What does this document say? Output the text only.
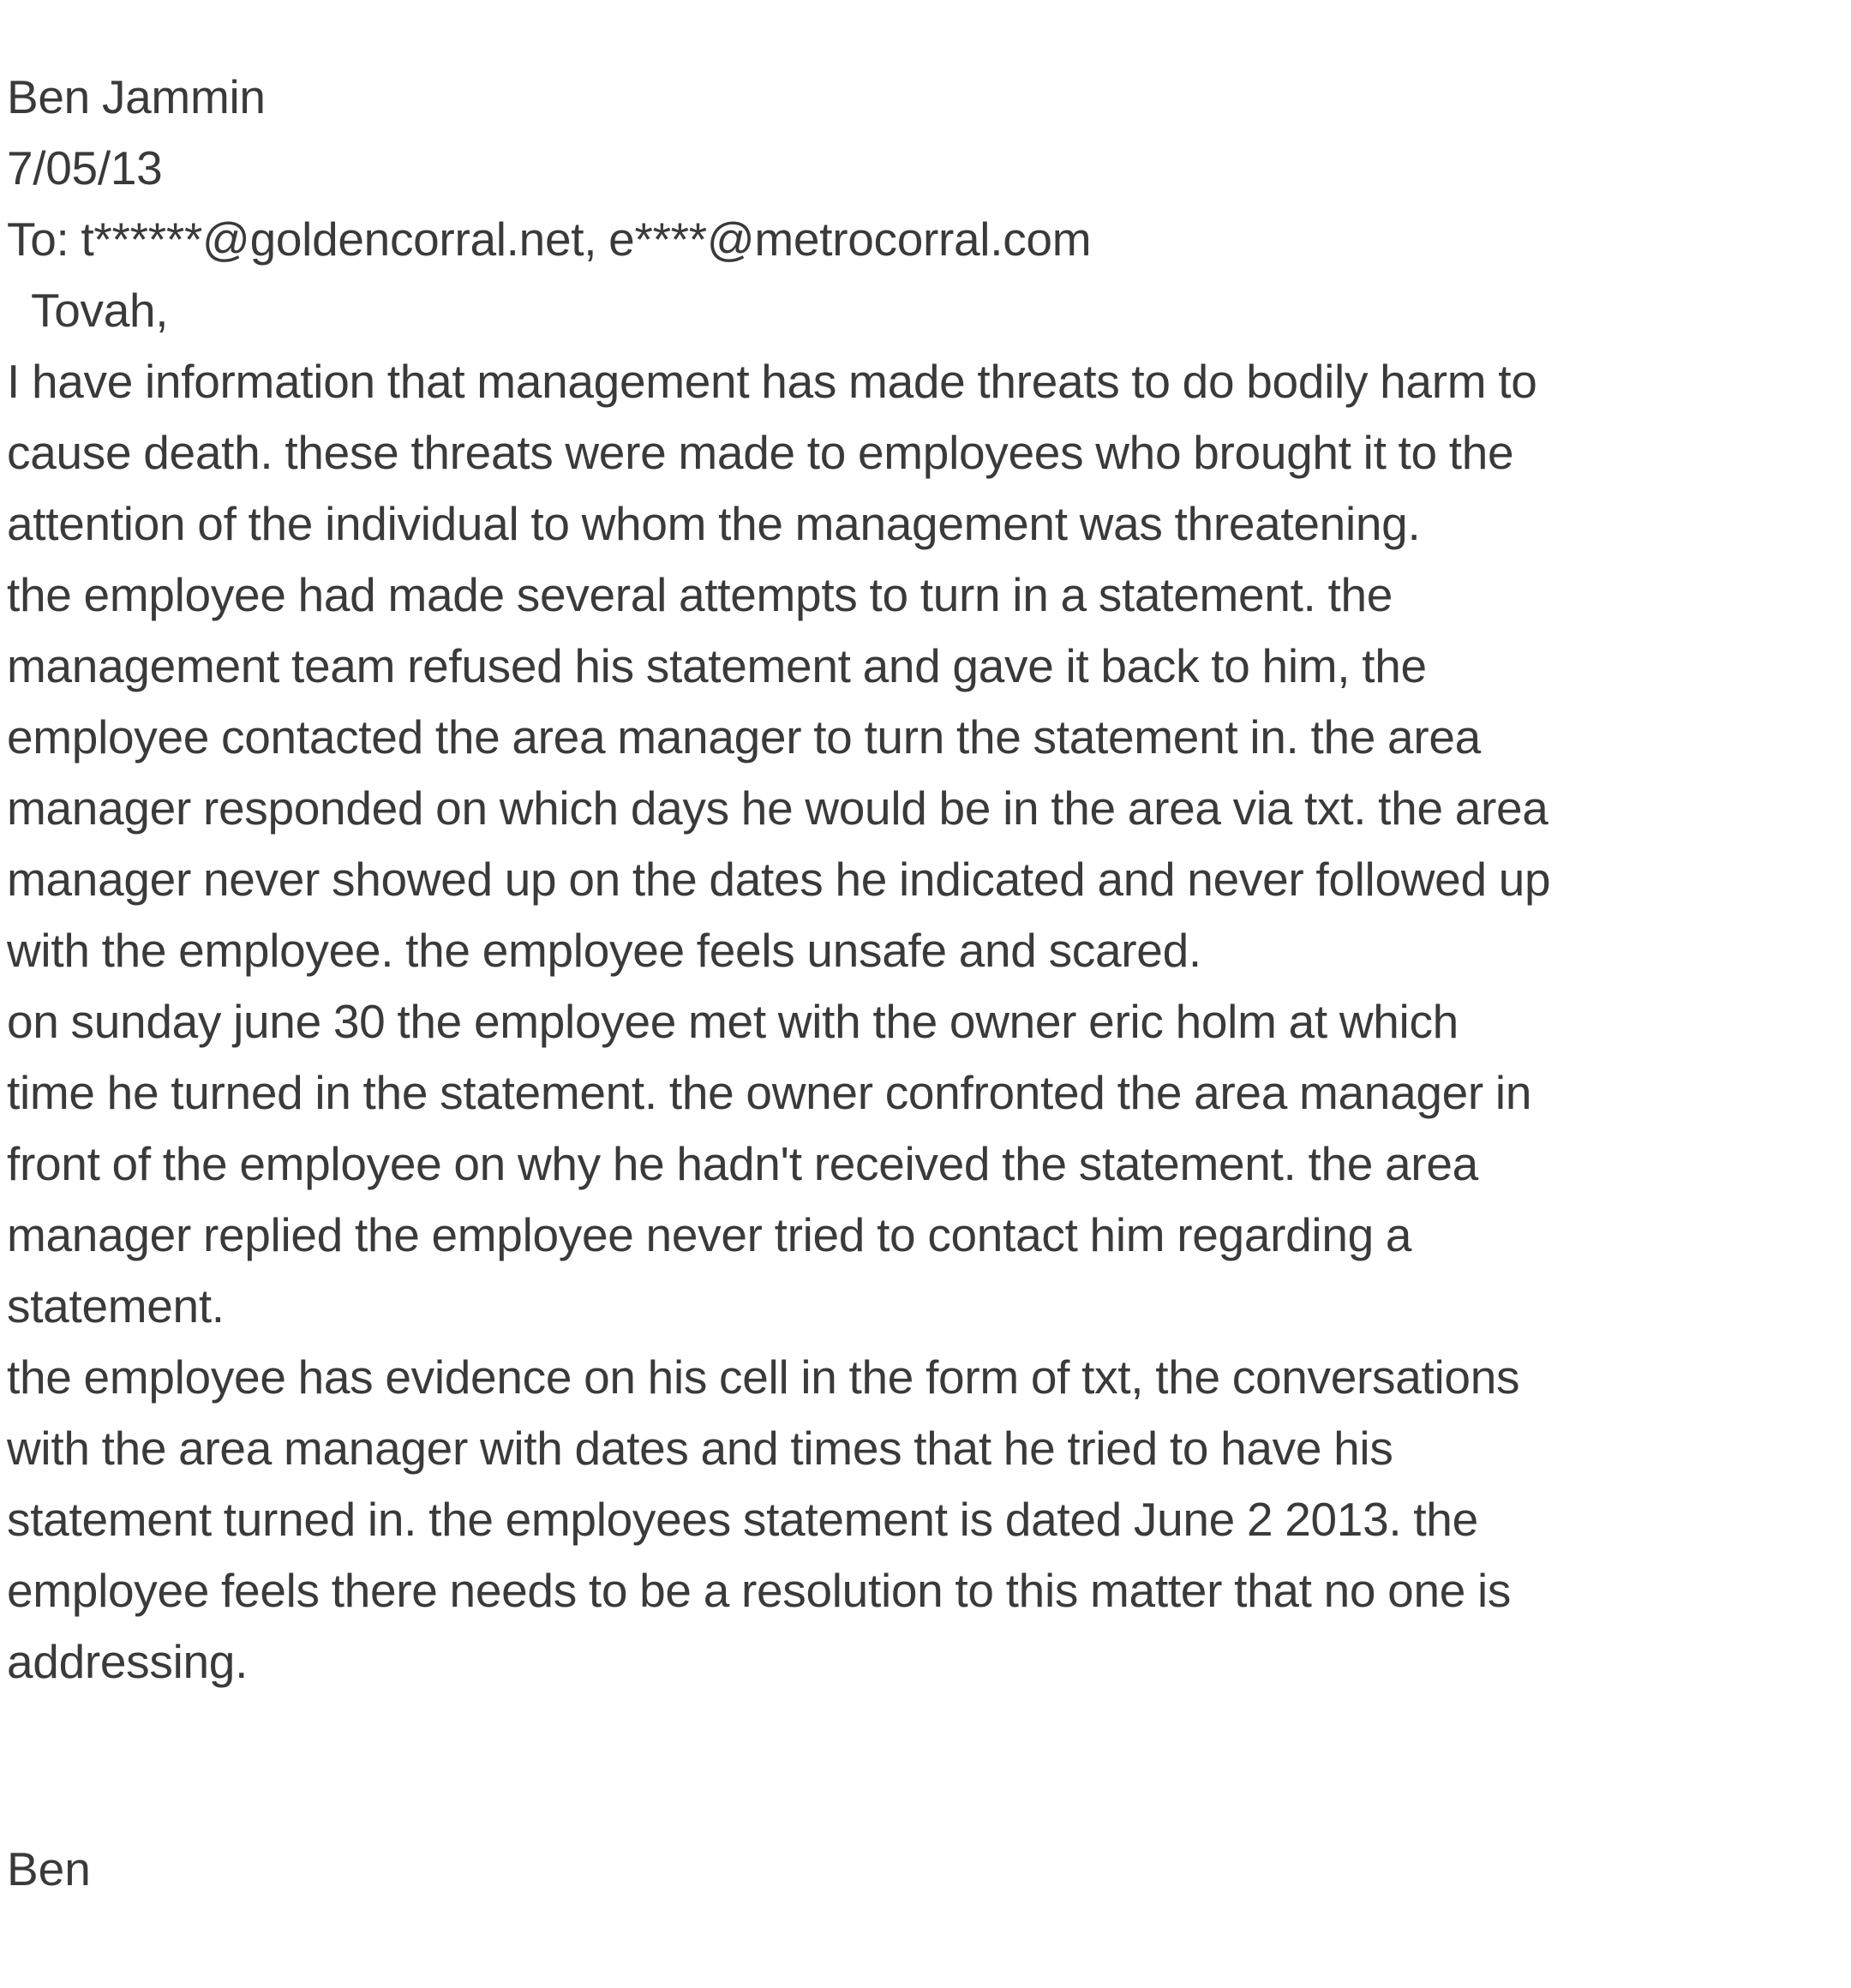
Ben Jammin
7/05/13
To: t******@goldencorral.net, e****@metrocorral.com
Tovah,
I have information that management has made threats to do bodily harm to
cause death. these threats were made to employees who brought it to the
attention of the individual to whom the management was threatening.
the employee had made several attempts to turn in a statement. the
management team refused his statement and gave it back to him, the
employee contacted the area manager to turn the statement in. the area
manager responded on which days he would be in the area via txt. the area
manager never showed up on the dates he indicated and never followed up
with the employee. the employee feels unsafe and scared.
on sunday june 30 the employee met with the owner eric holm at which
time he turned in the statement. the owner confronted the area manager in
front of the employee on why he hadn't received the statement. the area
manager replied the employee never tried to contact him regarding a
statement.
the employee has evidence on his cell in the form of txt, the conversations
with the area manager with dates and times that he tried to have his
statement turned in. the employees statement is dated June 2 2013. the
employee feels there needs to be a resolution to this matter that no one is
addressing.
Ben
